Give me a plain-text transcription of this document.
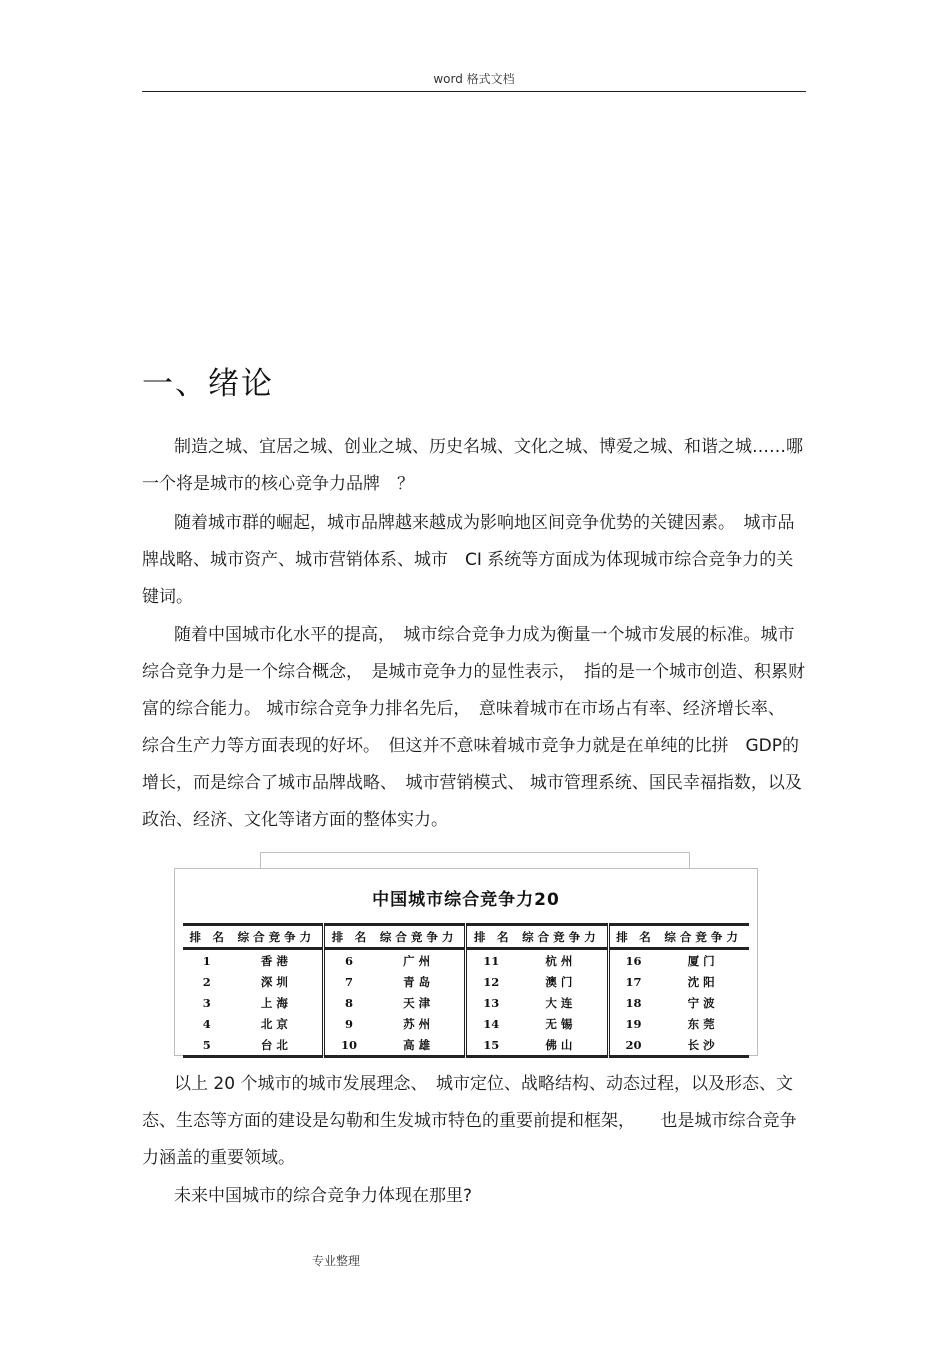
word 格式文档
一、绪论

制造之城、宜居之城、创业之城、历史名城、文化之城、博爱之城、和谐之城……哪一个将是城市的核心竞争力品牌　？

随着城市群的崛起，城市品牌越来越成为影响地区间竞争优势的关键因素。　城市品牌战略、城市资产、城市营销体系、城市　CI 系统等方面成为体现城市综合竞争力的关键词。

随着中国城市化水平的提高，　城市综合竞争力成为衡量一个城市发展的标准。城市综合竞争力是一个综合概念，　是城市竞争力的显性表示，　指的是一个城市创造、积累财富的综合能力。 城市综合竞争力排名先后，　意味着城市在市场占有率、经济增长率、 综合生产力等方面表现的好坏。　但这并不意味着城市竞争力就是在单纯的比拼　GDP的增长，而是综合了城市品牌战略、　城市营销模式、 城市管理系统、国民幸福指数，以及政治、经济、文化等诸方面的整体实力。

中国城市综合竞争力20
排　名	综合竞争力	排　名	综合竞争力	排　名	综合竞争力	排　名	综合竞争力
1	香港	6	广州	11	杭州	16	厦门
2	深圳	7	青岛	12	澳门	17	沈阳
3	上海	8	天津	13	大连	18	宁波
4	北京	9	苏州	14	无锡	19	东莞
5	台北	10	高雄	15	佛山	20	长沙

以上 20 个城市的城市发展理念、　城市定位、战略结构、动态过程，以及形态、文态、生态等方面的建设是勾勒和生发城市特色的重要前提和框架，　　也是城市综合竞争力涵盖的重要领域。

未来中国城市的综合竞争力体现在那里?

专业整理
